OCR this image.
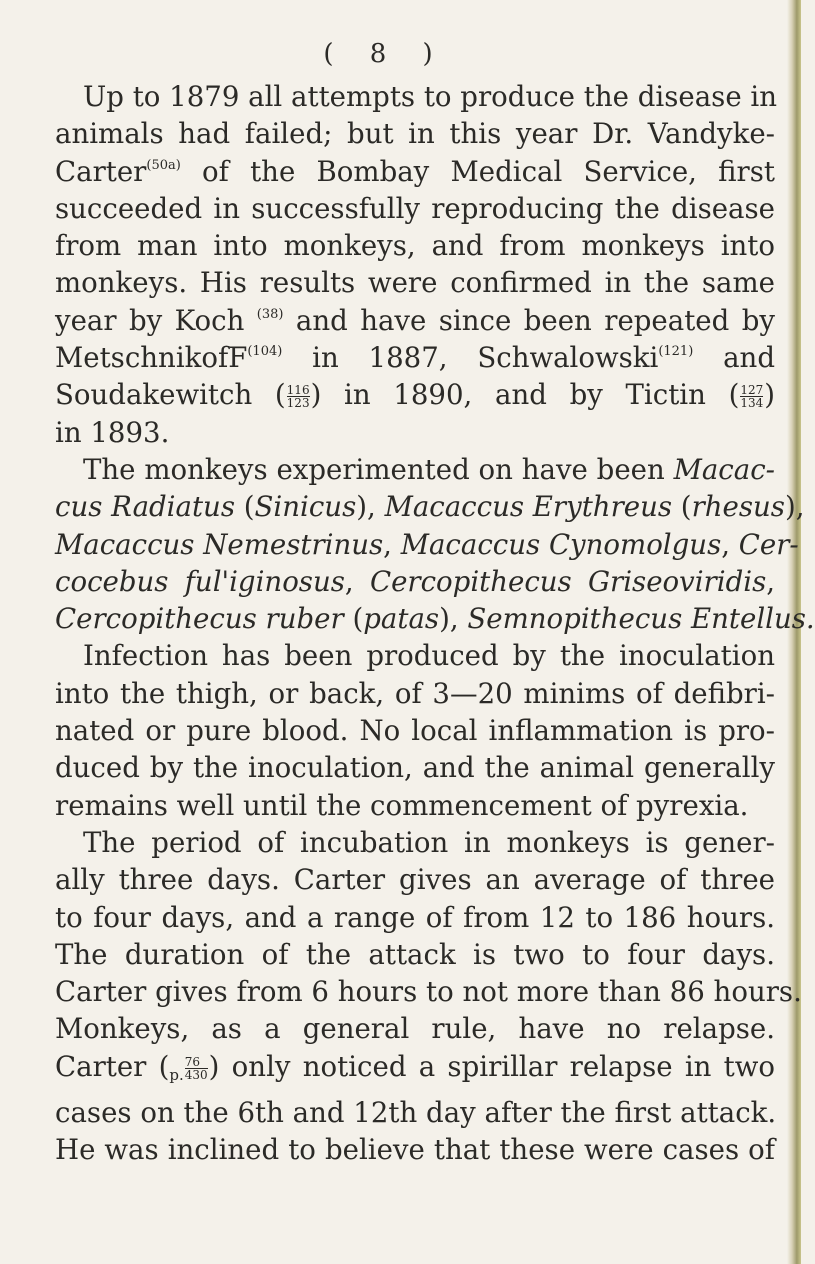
( 8 )
Up to 1879 all attempts to produce the disease in
animals had failed; but in this year Dr. Vandyke-
Carter$^{(50a)}$ of the Bombay Medical Service, first
succeeded in successfully reproducing the disease
from man into monkeys, and from monkeys into
monkeys. His results were confirmed in the same
year by Koch $^{(38)}$ and have since been repeated by
MetschnikofF$^{(104)}$ in 1887, Schwalowski$^{(121)}$ and
Soudakewitch ( $\frac{116}{123}$ ) in 1890, and by Tictin ( $\frac{127}{134}$ )
in 1893.
The monkeys experimented on have been Macac-
cus Radiatus (Sinicus), Macaccus Erythreus (rhesus),
Macaccus Nemestrinus, Macaccus Cynomolgus, Cer-
cocebus ful'iginosus, Cercopithecus Griseoviridis,
Cercopithecus ruber (patas), Semnopithecus Entellus.
Infection has been produced by the inoculation
into the thigh, or back, of 3—20 minims of defibri-
nated or pure blood. No local inflammation is pro-
duced by the inoculation, and the animal generally
remains well until the commencement of pyrexia.
The period of incubation in monkeys is gener-
ally three days. Carter gives an average of three
to four days, and a range of from 12 to 186 hours.
The duration of the attack is two to four days.
Carter gives from 6 hours to not more than 86 hours.
Monkeys, as a general rule, have no relapse.
Carter ($_{p.} \frac{76}{430}$ ) only noticed a spirillar relapse in two
cases on the 6th and 12th day after the first attack.
He was inclined to believe that these were cases of
